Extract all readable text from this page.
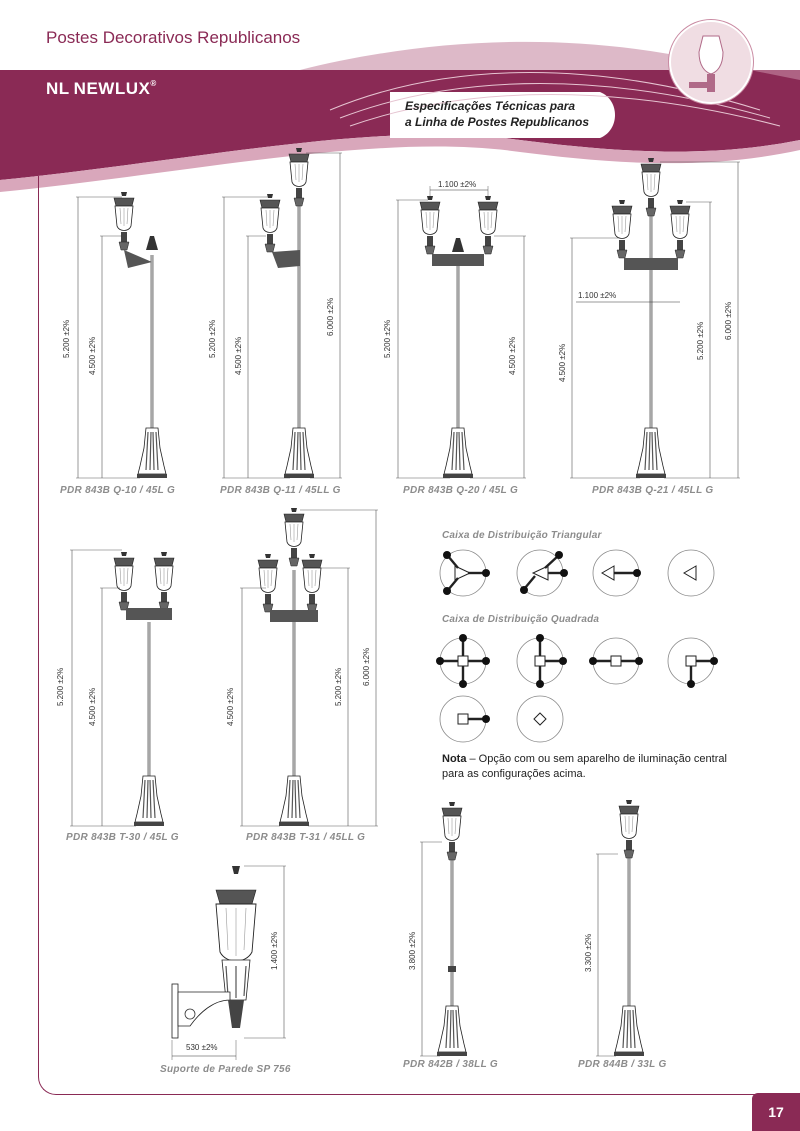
Postes Decorativos Republicanos
NL NEWLUX®
Especificações Técnicas para
a Linha de Postes Republicanos
5.200 ±2% 4.500 ±2%	5.200 ±2% 4.500 ±2%
6.000 ±2%
1.100 ±2%
5.200 ±2%	4.500 ±2%
1.100 ±2%
4.500 ±2%
5.200 ±2%
6.000 ±2%
5.200 ±2%
4.500 ±2%	4.500 ±2%
5.200 ±2%
6.000 ±2%
1.400 ±2%
530 ±2%
3.800 ±2%	3.300 ±2%
PDR 843B Q-10 / 45L G	PDR 843B Q-11 / 45LL G	PDR 843B Q-20 / 45L G	PDR 843B Q-21 / 45LL G
PDR 843B T-30 / 45L G	PDR 843B T-31 / 45LL G
Suporte de Parede SP 756	PDR 842B / 38LL G	PDR 844B / 33L G
Caixa de Distribuição Triangular
Caixa de Distribuição Quadrada
Nota – Opção com ou sem aparelho de iluminação central para as configurações acima.
17
